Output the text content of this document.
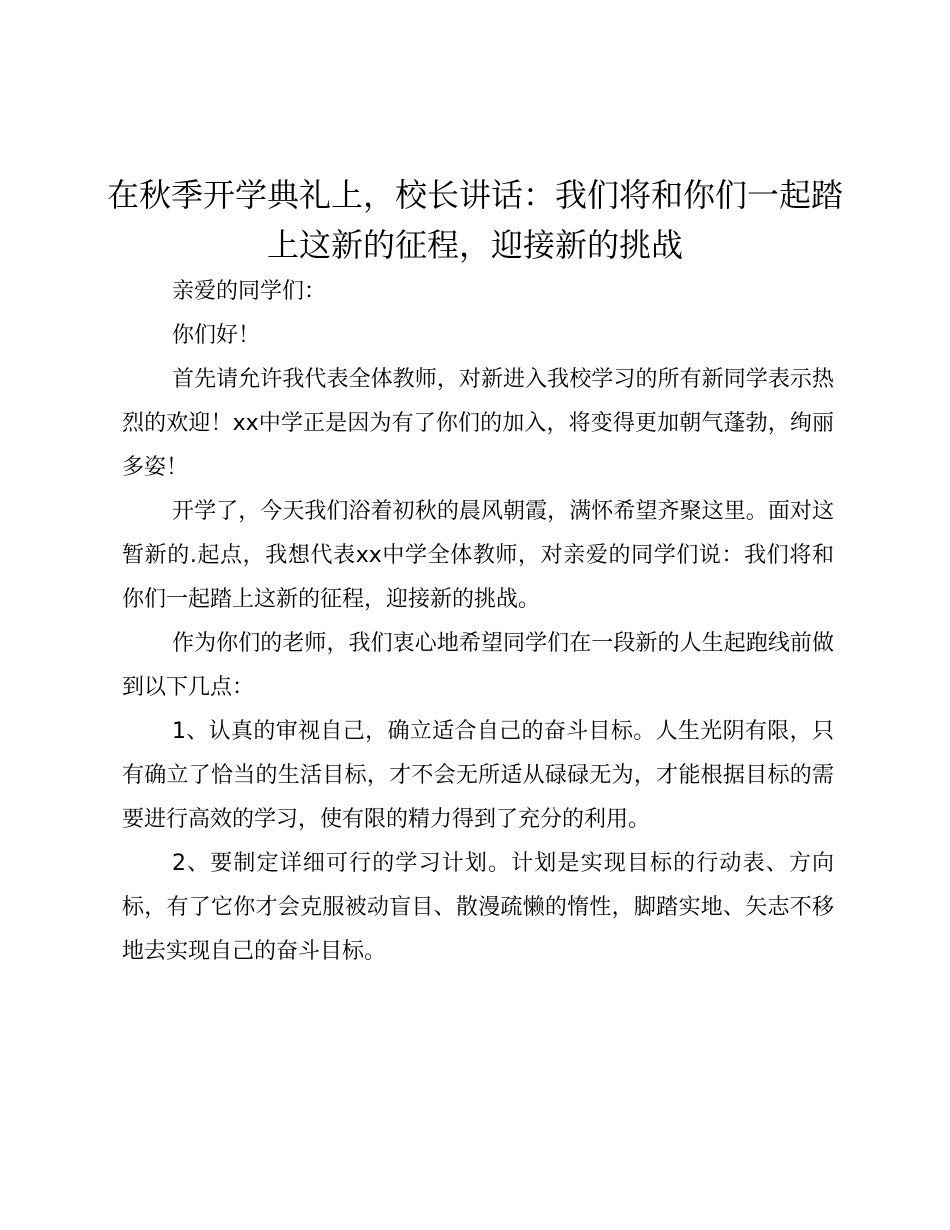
在秋季开学典礼上，校长讲话：我们将和你们一起踏上这新的征程，迎接新的挑战

亲爱的同学们：

你们好！

首先请允许我代表全体教师，对新进入我校学习的所有新同学表示热烈的欢迎！xx中学正是因为有了你们的加入，将变得更加朝气蓬勃，绚丽多姿！

开学了，今天我们浴着初秋的晨风朝霞，满怀希望齐聚这里。面对这暂新的.起点，我想代表xx中学全体教师，对亲爱的同学们说：我们将和你们一起踏上这新的征程，迎接新的挑战。

作为你们的老师，我们衷心地希望同学们在一段新的人生起跑线前做到以下几点：

1、认真的审视自己，确立适合自己的奋斗目标。人生光阴有限，只有确立了恰当的生活目标，才不会无所适从碌碌无为，才能根据目标的需要进行高效的学习，使有限的精力得到了充分的利用。

2、要制定详细可行的学习计划。计划是实现目标的行动表、方向标，有了它你才会克服被动盲目、散漫疏懒的惰性，脚踏实地、矢志不移地去实现自己的奋斗目标。
